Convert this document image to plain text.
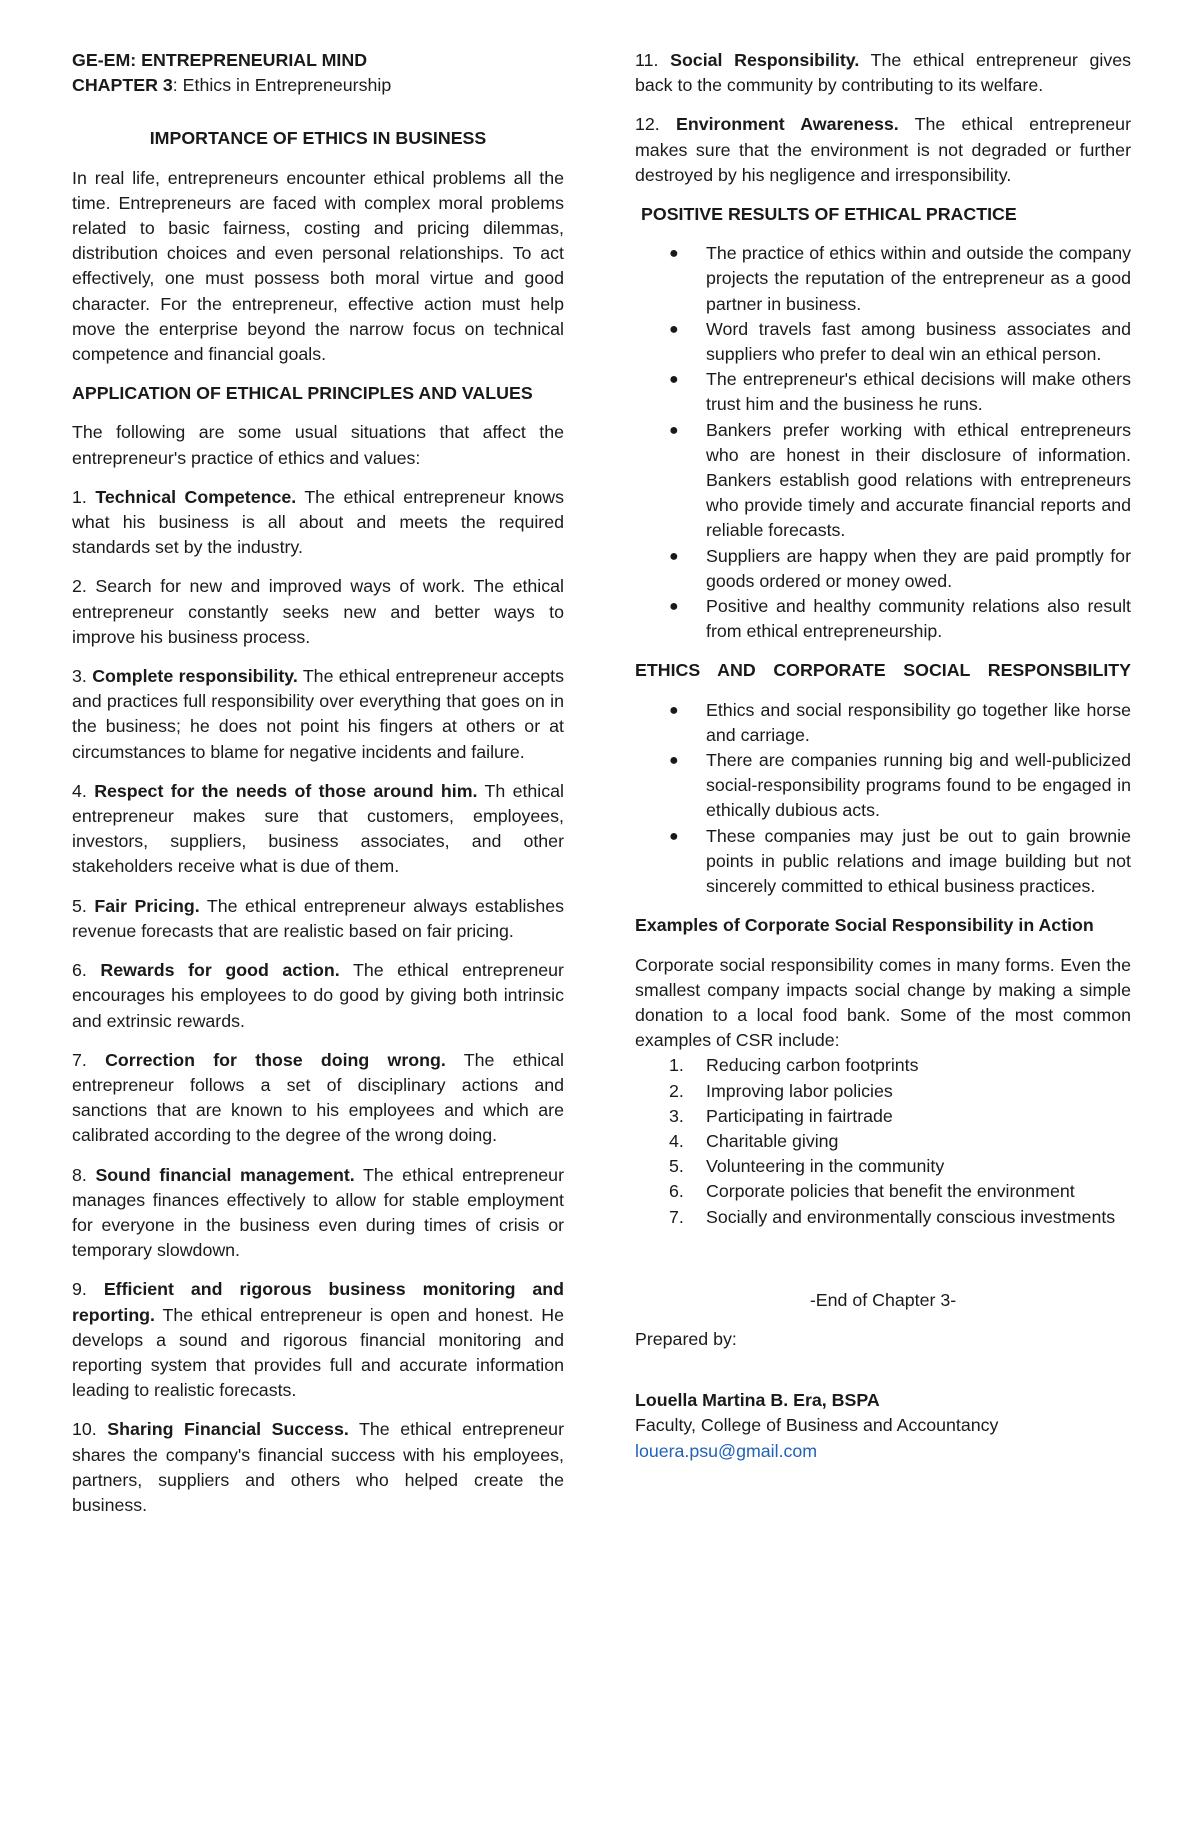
GE-EM: ENTREPRENEURIAL MIND

CHAPTER 3: Ethics in Entrepreneurship

IMPORTANCE OF ETHICS IN BUSINESS

In real life, entrepreneurs encounter ethical problems all the time. Entrepreneurs are faced with complex moral problems related to basic fairness, costing and pricing dilemmas, distribution choices and even personal relationships. To act effectively, one must possess both moral virtue and good character. For the entrepreneur, effective action must help move the enterprise beyond the narrow focus on technical competence and financial goals.

APPLICATION OF ETHICAL PRINCIPLES AND VALUES

The following are some usual situations that affect the entrepreneur's practice of ethics and values:

1. Technical Competence. The ethical entrepreneur knows what his business is all about and meets the required standards set by the industry.

2. Search for new and improved ways of work. The ethical entrepreneur constantly seeks new and better ways to improve his business process.

3. Complete responsibility. The ethical entrepreneur accepts and practices full responsibility over everything that goes on in the business; he does not point his fingers at others or at circumstances to blame for negative incidents and failure.

4. Respect for the needs of those around him. Th ethical entrepreneur makes sure that customers, employees, investors, suppliers, business associates, and other stakeholders receive what is due of them.

5. Fair Pricing. The ethical entrepreneur always establishes revenue forecasts that are realistic based on fair pricing.

6. Rewards for good action. The ethical entrepreneur encourages his employees to do good by giving both intrinsic and extrinsic rewards.

7. Correction for those doing wrong. The ethical entrepreneur follows a set of disciplinary actions and sanctions that are known to his employees and which are calibrated according to the degree of the wrong doing.

8. Sound financial management. The ethical entrepreneur manages finances effectively to allow for stable employment for everyone in the business even during times of crisis or temporary slowdown.

9. Efficient and rigorous business monitoring and reporting. The ethical entrepreneur is open and honest. He develops a sound and rigorous financial monitoring and reporting system that provides full and accurate information leading to realistic forecasts.

10. Sharing Financial Success. The ethical entrepreneur shares the company's financial success with his employees, partners, suppliers and others who helped create the business.

11. Social Responsibility. The ethical entrepreneur gives back to the community by contributing to its welfare.

12. Environment Awareness. The ethical entrepreneur makes sure that the environment is not degraded or further destroyed by his negligence and irresponsibility.

POSITIVE RESULTS OF ETHICAL PRACTICE

● The practice of ethics within and outside the company projects the reputation of the entrepreneur as a good partner in business.
● Word travels fast among business associates and suppliers who prefer to deal win an ethical person.
● The entrepreneur's ethical decisions will make others trust him and the business he runs.
● Bankers prefer working with ethical entrepreneurs who are honest in their disclosure of information. Bankers establish good relations with entrepreneurs who provide timely and accurate financial reports and reliable forecasts.
● Suppliers are happy when they are paid promptly for goods ordered or money owed.
● Positive and healthy community relations also result from ethical entrepreneurship.

ETHICS AND CORPORATE SOCIAL RESPONSBILITY

● Ethics and social responsibility go together like horse and carriage.
● There are companies running big and well-publicized social-responsibility programs found to be engaged in ethically dubious acts.
● These companies may just be out to gain brownie points in public relations and image building but not sincerely committed to ethical business practices.

Examples of Corporate Social Responsibility in Action

Corporate social responsibility comes in many forms. Even the smallest company impacts social change by making a simple donation to a local food bank. Some of the most common examples of CSR include:

1. Reducing carbon footprints
2. Improving labor policies
3. Participating in fairtrade
4. Charitable giving
5. Volunteering in the community
6. Corporate policies that benefit the environment
7. Socially and environmentally conscious investments

-End of Chapter 3-

Prepared by:

Louella Martina B. Era, BSPA

Faculty, College of Business and Accountancy

louera.psu@gmail.com
